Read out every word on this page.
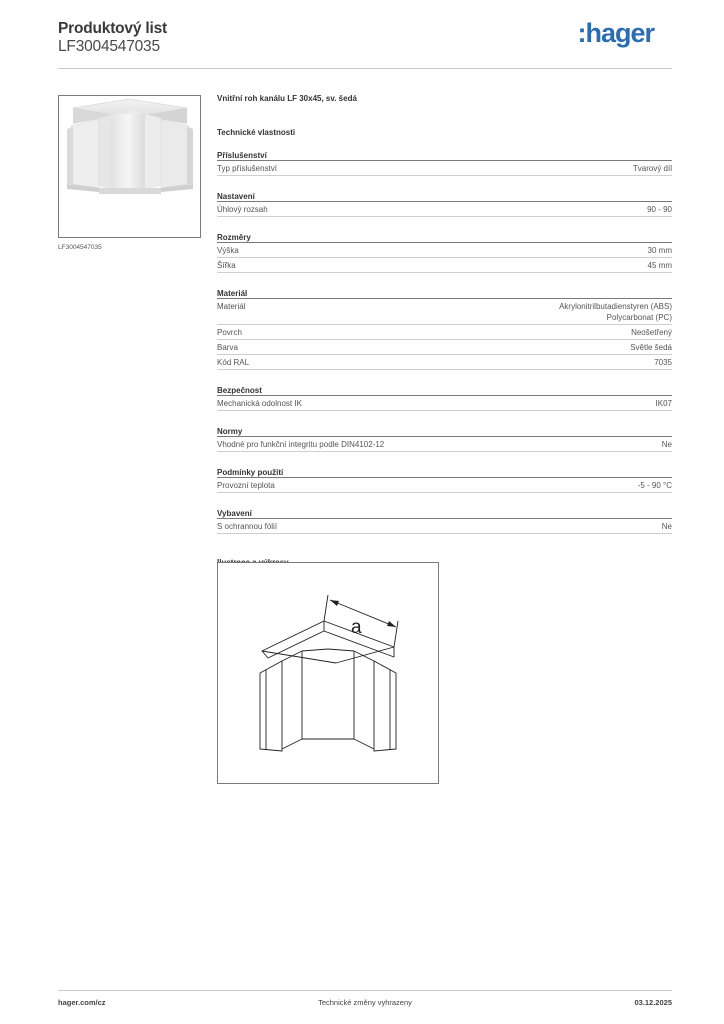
Produktový list
LF3004547035	:hager
LF3004547035
Vnitřní roh kanálu LF 30x45, sv. šedá
Technické vlastnosti
Příslušenství
Typ příslušenství	Tvarový díl
Nastavení
Úhlový rozsah	90 - 90
Rozměry
Výška	30 mm
Šířka	45 mm
Materiál
Materiál	Akrylonitrilbutadienstyren (ABS)
Polycarbonat (PC)
Povrch	Neošetřený
Barva	Světle šedá
Kód RAL	7035
Bezpečnost
Mechanická odolnost IK	IK07
Normy
Vhodné pro funkční integritu podle DIN4102-12	Ne
Podmínky použití
Provozní teplota	-5 - 90 °C
Vybavení
S ochrannou fólií	Ne
a
hager.com/cz	Technické změny vyhrazeny	03.12.2025
